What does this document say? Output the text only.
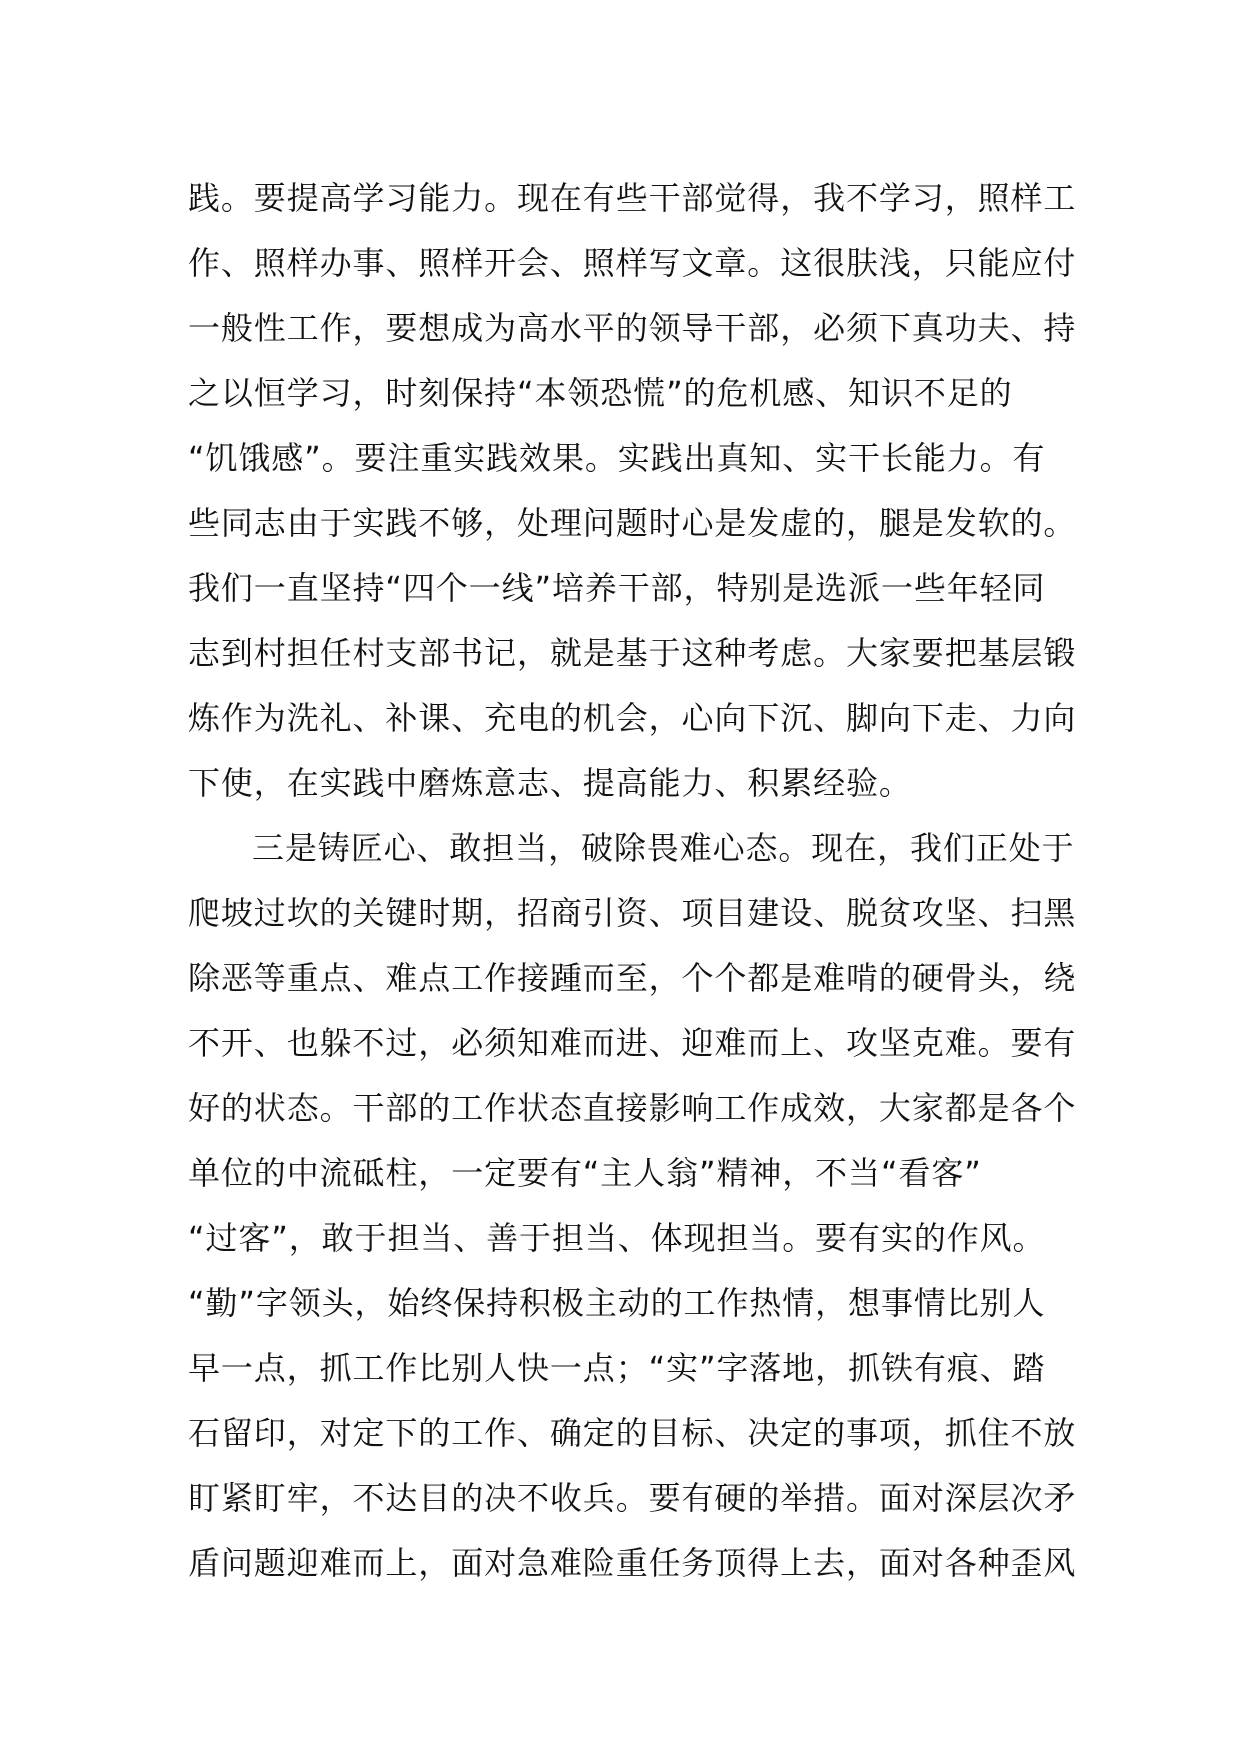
践。要提高学习能力。现在有些干部觉得，我不学习，照样工
作、照样办事、照样开会、照样写文章。这很肤浅，只能应付
一般性工作，要想成为高水平的领导干部，必须下真功夫、持
之以恒学习，时刻保持“本领恐慌”的危机感、知识不足的
“饥饿感”。要注重实践效果。实践出真知、实干长能力。有
些同志由于实践不够，处理问题时心是发虚的，腿是发软的。
我们一直坚持“四个一线”培养干部，特别是选派一些年轻同
志到村担任村支部书记，就是基于这种考虑。大家要把基层锻
炼作为洗礼、补课、充电的机会，心向下沉、脚向下走、力向
下使，在实践中磨炼意志、提高能力、积累经验。
三是铸匠心、敢担当，破除畏难心态。现在，我们正处于
爬坡过坎的关键时期，招商引资、项目建设、脱贫攻坚、扫黑
除恶等重点、难点工作接踵而至，个个都是难啃的硬骨头，绕
不开、也躲不过，必须知难而进、迎难而上、攻坚克难。要有
好的状态。干部的工作状态直接影响工作成效，大家都是各个
单位的中流砥柱，一定要有“主人翁”精神，不当“看客”
“过客”，敢于担当、善于担当、体现担当。要有实的作风。
“勤”字领头，始终保持积极主动的工作热情，想事情比别人
早一点，抓工作比别人快一点；“实”字落地，抓铁有痕、踏
石留印，对定下的工作、确定的目标、决定的事项，抓住不放
盯紧盯牢，不达目的决不收兵。要有硬的举措。面对深层次矛
盾问题迎难而上，面对急难险重任务顶得上去，面对各种歪风
